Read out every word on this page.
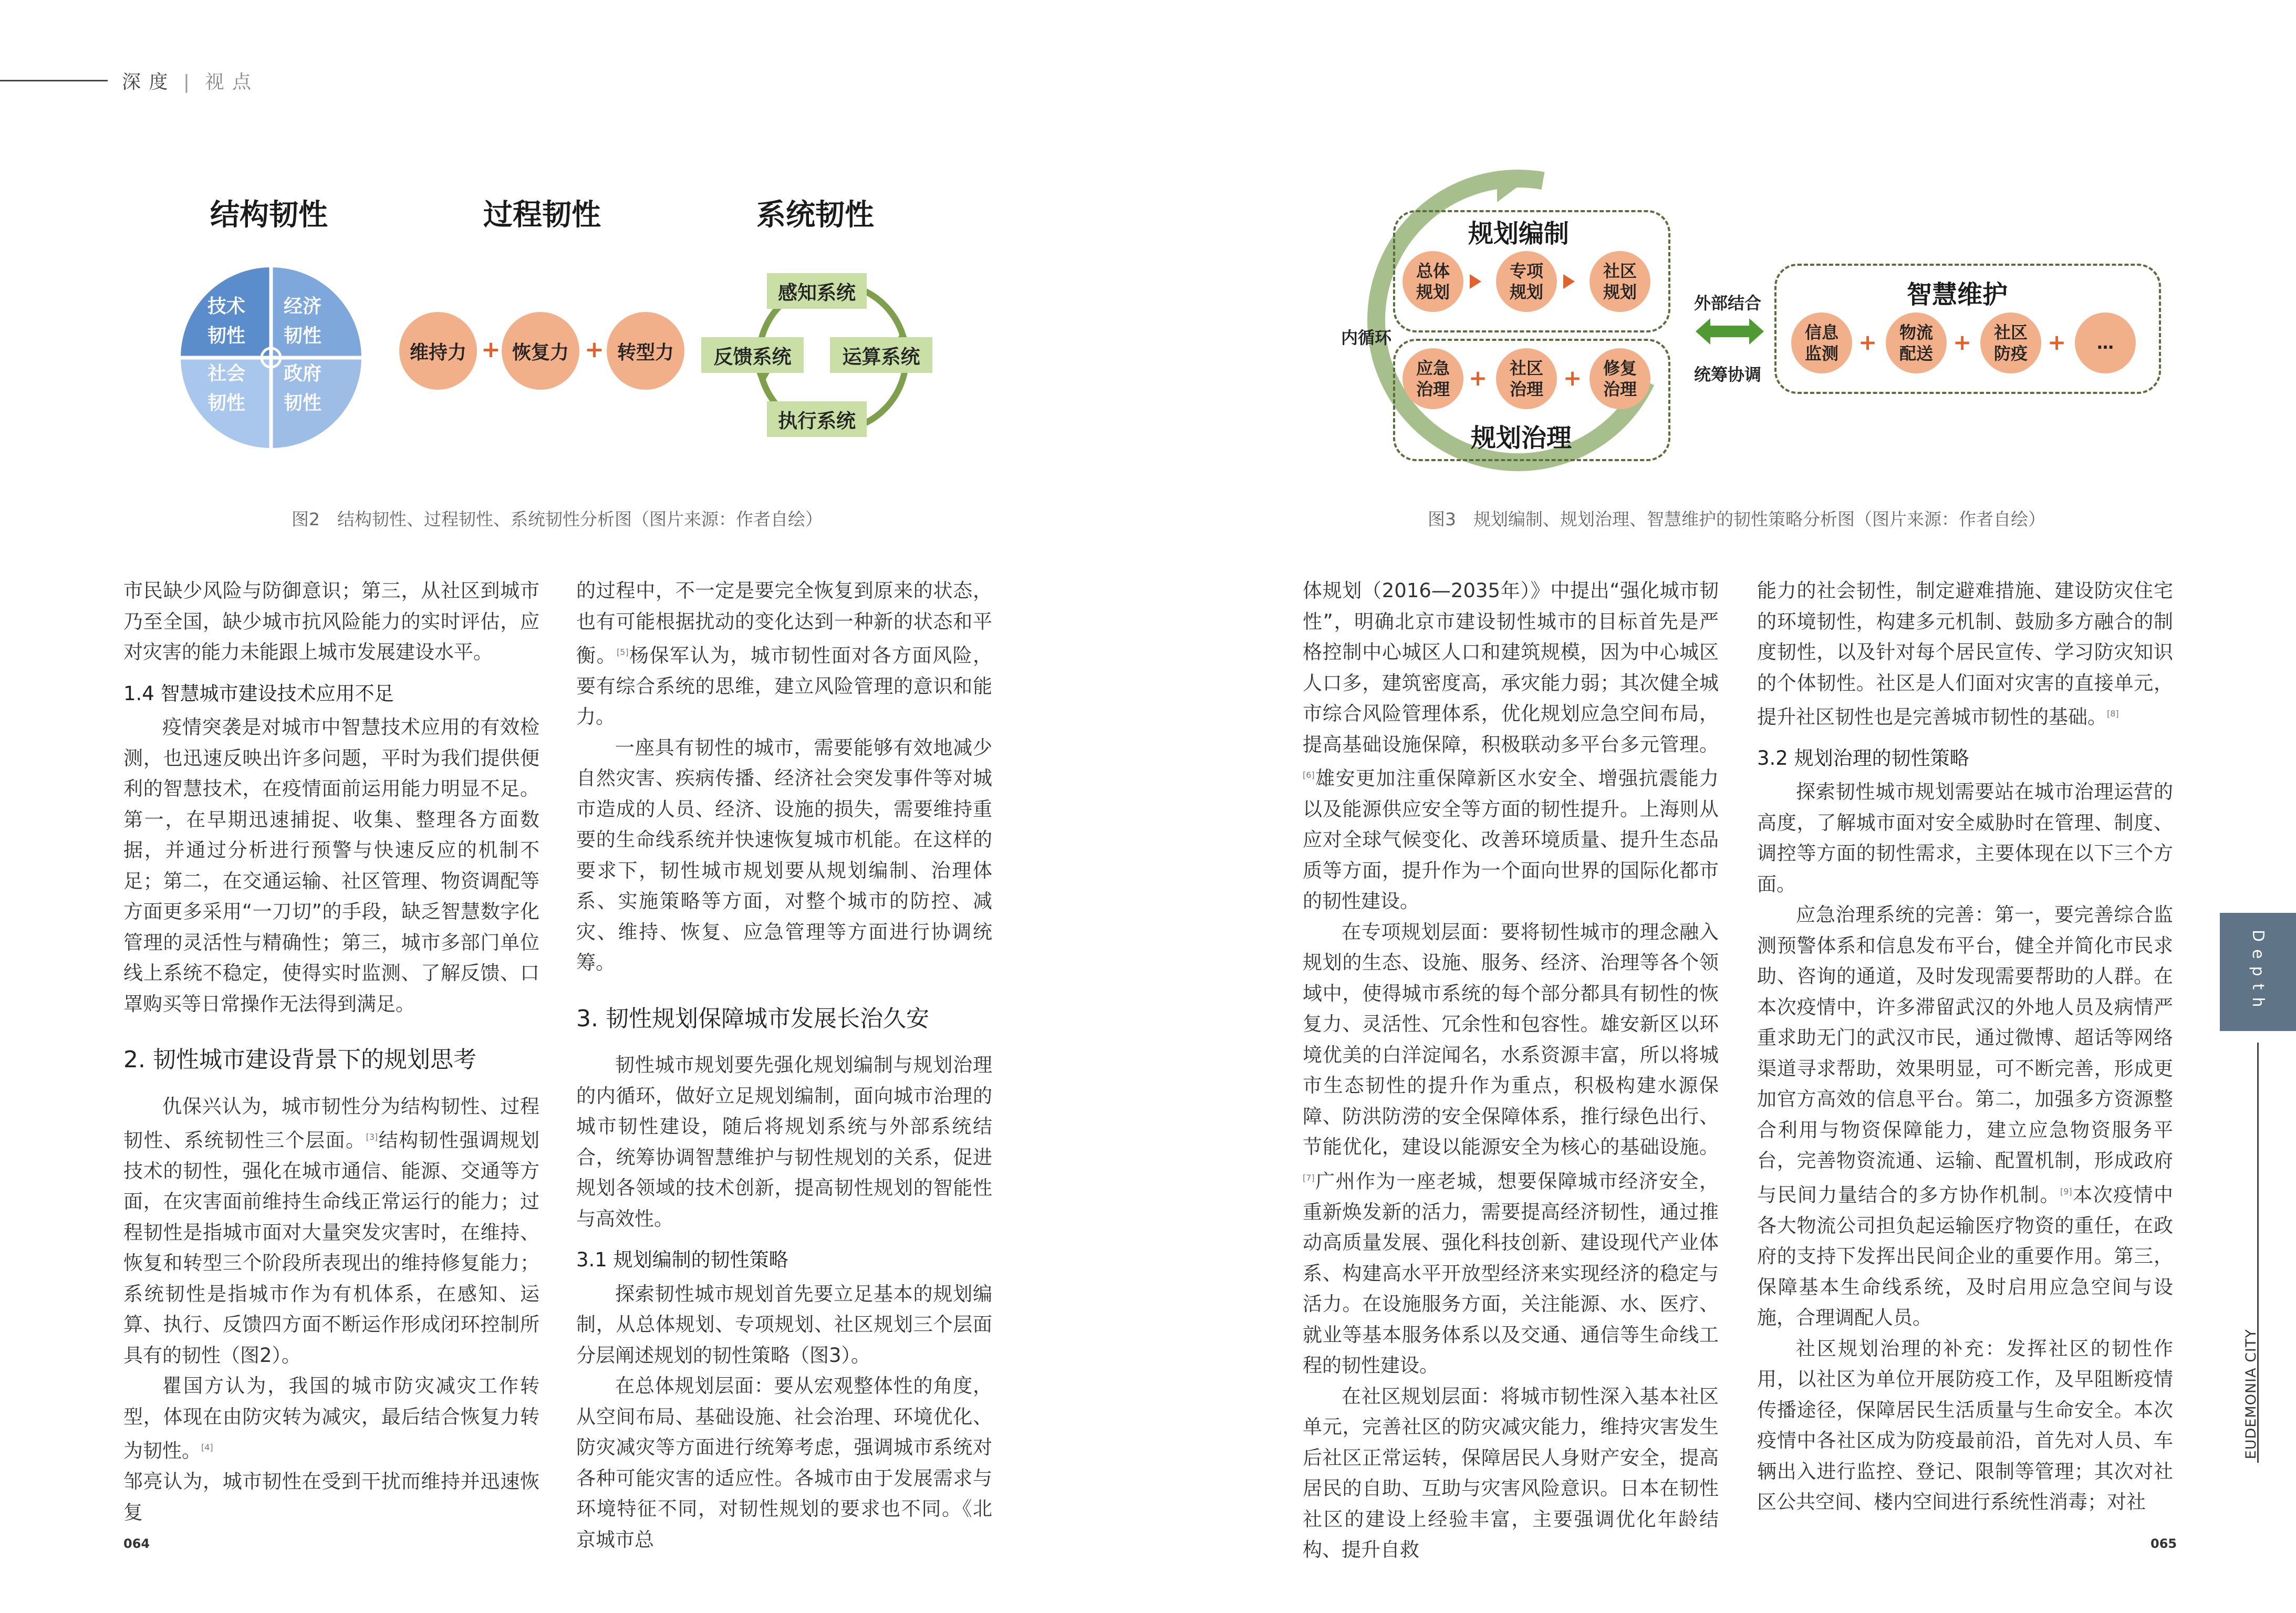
深 度 | 视 点
结构韧性	过程韧性	系统韧性
技术
韧性
经济
韧性
社会
韧性
政府
韧性
维持力 + 恢复力 + 转型力
感知系统
反馈系统	运算系统
执行系统
图2　结构韧性、过程韧性、系统韧性分析图（图片来源：作者自绘）
规划编制
总体
规划
专项
规划
社区
规划
应急
治理 +	社区
治理 +	修复
治理
规划治理
内循环
外部结合
统筹协调
智慧维护
信息
监测 +	物流
配送 +	社区
防疫 +	…
图3　规划编制、规划治理、智慧维护的韧性策略分析图（图片来源：作者自绘）

市民缺少风险与防御意识；第三，从社区到城市乃至全国，缺少城市抗风险能力的实时评估，应对灾害的能力未能跟上城市发展建设水平。

1.4 智慧城市建设技术应用不足

疫情突袭是对城市中智慧技术应用的有效检测，也迅速反映出许多问题，平时为我们提供便利的智慧技术，在疫情面前运用能力明显不足。第一，在早期迅速捕捉、收集、整理各方面数据，并通过分析进行预警与快速反应的机制不足；第二，在交通运输、社区管理、物资调配等方面更多采用“一刀切”的手段，缺乏智慧数字化管理的灵活性与精确性；第三，城市多部门单位线上系统不稳定，使得实时监测、了解反馈、口罩购买等日常操作无法得到满足。

2. 韧性城市建设背景下的规划思考

仇保兴认为，城市韧性分为结构韧性、过程韧性、系统韧性三个层面。[3]结构韧性强调规划技术的韧性，强化在城市通信、能源、交通等方面，在灾害面前维持生命线正常运行的能力；过程韧性是指城市面对大量突发灾害时，在维持、恢复和转型三个阶段所表现出的维持修复能力；系统韧性是指城市作为有机体系，在感知、运算、执行、反馈四方面不断运作形成闭环控制所具有的韧性（图2）。

瞿国方认为，我国的城市防灾减灾工作转型，体现在由防灾转为减灾，最后结合恢复力转为韧性。[4]

邹亮认为，城市韧性在受到干扰而维持并迅速恢复

的过程中，不一定是要完全恢复到原来的状态，也有可能根据扰动的变化达到一种新的状态和平衡。[5]杨保军认为，城市韧性面对各方面风险，要有综合系统的思维，建立风险管理的意识和能力。

一座具有韧性的城市，需要能够有效地减少自然灾害、疾病传播、经济社会突发事件等对城市造成的人员、经济、设施的损失，需要维持重要的生命线系统并快速恢复城市机能。在这样的要求下，韧性城市规划要从规划编制、治理体系、实施策略等方面，对整个城市的防控、减灾、维持、恢复、应急管理等方面进行协调统筹。

3. 韧性规划保障城市发展长治久安

韧性城市规划要先强化规划编制与规划治理的内循环，做好立足规划编制，面向城市治理的城市韧性建设，随后将规划系统与外部系统结合，统筹协调智慧维护与韧性规划的关系，促进规划各领域的技术创新，提高韧性规划的智能性与高效性。

3.1 规划编制的韧性策略

探索韧性城市规划首先要立足基本的规划编制，从总体规划、专项规划、社区规划三个层面分层阐述规划的韧性策略（图3）。

在总体规划层面：要从宏观整体性的角度，从空间布局、基础设施、社会治理、环境优化、防灾减灾等方面进行统筹考虑，强调城市系统对各种可能灾害的适应性。各城市由于发展需求与环境特征不同，对韧性规划的要求也不同。《北京城市总

体规划（2016—2035年）》中提出“强化城市韧性”，明确北京市建设韧性城市的目标首先是严格控制中心城区人口和建筑规模，因为中心城区人口多，建筑密度高，承灾能力弱；其次健全城市综合风险管理体系，优化规划应急空间布局，提高基础设施保障，积极联动多平台多元管理。[6]雄安更加注重保障新区水安全、增强抗震能力以及能源供应安全等方面的韧性提升。上海则从应对全球气候变化、改善环境质量、提升生态品质等方面，提升作为一个面向世界的国际化都市的韧性建设。

在专项规划层面：要将韧性城市的理念融入规划的生态、设施、服务、经济、治理等各个领域中，使得城市系统的每个部分都具有韧性的恢复力、灵活性、冗余性和包容性。雄安新区以环境优美的白洋淀闻名，水系资源丰富，所以将城市生态韧性的提升作为重点，积极构建水源保障、防洪防涝的安全保障体系，推行绿色出行、节能优化，建设以能源安全为核心的基础设施。[7]广州作为一座老城，想要保障城市经济安全，重新焕发新的活力，需要提高经济韧性，通过推动高质量发展、强化科技创新、建设现代产业体系、构建高水平开放型经济来实现经济的稳定与活力。在设施服务方面，关注能源、水、医疗、就业等基本服务体系以及交通、通信等生命线工程的韧性建设。

在社区规划层面：将城市韧性深入基本社区单元，完善社区的防灾减灾能力，维持灾害发生后社区正常运转，保障居民人身财产安全，提高居民的自助、互助与灾害风险意识。日本在韧性社区的建设上经验丰富，主要强调优化年龄结构、提升自救

能力的社会韧性，制定避难措施、建设防灾住宅的环境韧性，构建多元机制、鼓励多方融合的制度韧性，以及针对每个居民宣传、学习防灾知识的个体韧性。社区是人们面对灾害的直接单元，提升社区韧性也是完善城市韧性的基础。[8]

3.2 规划治理的韧性策略

探索韧性城市规划需要站在城市治理运营的高度，了解城市面对安全威胁时在管理、制度、调控等方面的韧性需求，主要体现在以下三个方面。

应急治理系统的完善：第一，要完善综合监测预警体系和信息发布平台，健全并简化市民求助、咨询的通道，及时发现需要帮助的人群。在本次疫情中，许多滞留武汉的外地人员及病情严重求助无门的武汉市民，通过微博、超话等网络渠道寻求帮助，效果明显，可不断完善，形成更加官方高效的信息平台。第二，加强多方资源整合利用与物资保障能力，建立应急物资服务平台，完善物资流通、运输、配置机制，形成政府与民间力量结合的多方协作机制。[9]本次疫情中各大物流公司担负起运输医疗物资的重任，在政府的支持下发挥出民间企业的重要作用。第三，保障基本生命线系统，及时启用应急空间与设施，合理调配人员。

社区规划治理的补充：发挥社区的韧性作用，以社区为单位开展防疫工作，及早阻断疫情传播途径，保障居民生活质量与生命安全。本次疫情中各社区成为防疫最前沿，首先对人员、车辆出入进行监控、登记、限制等管理；其次对社区公共空间、楼内空间进行系统性消毒；对社

Depth
EUDEMONIA CITY
064	065
